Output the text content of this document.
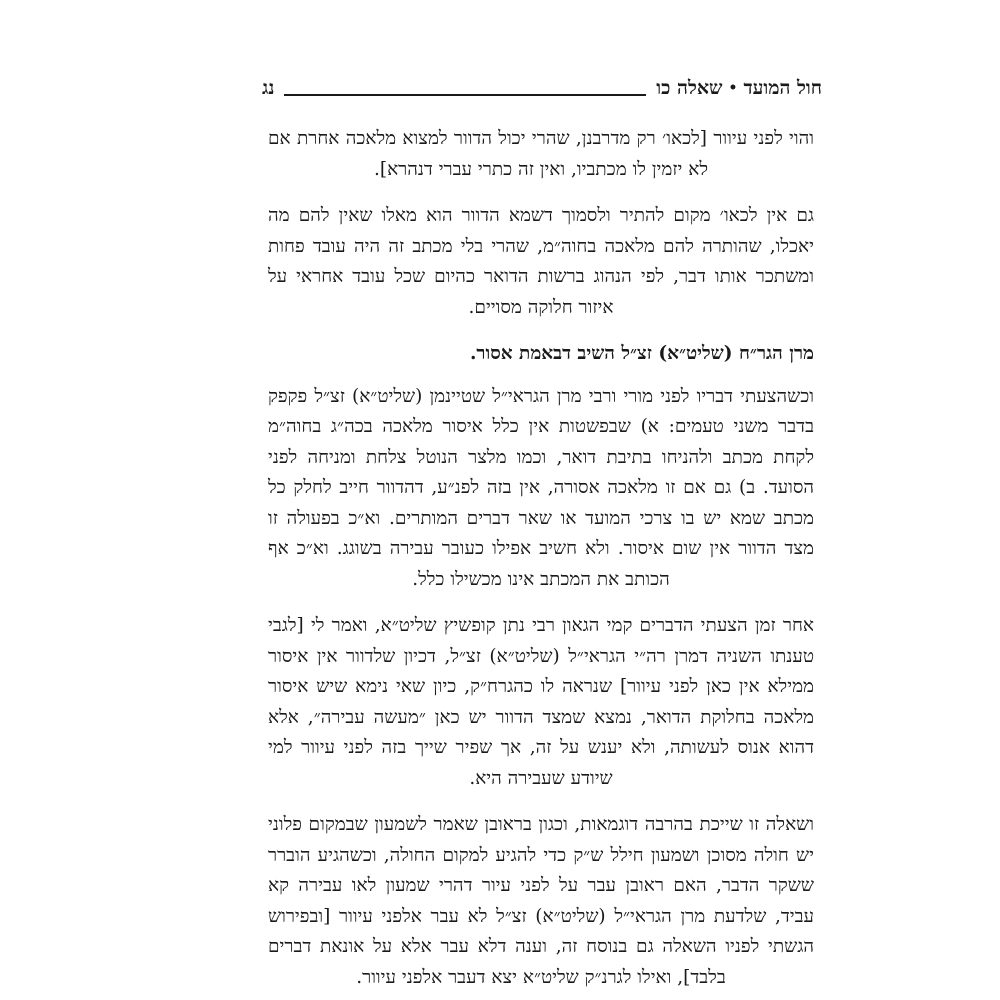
חול המועד
•
שאלה כו
נג

והוי לפני עיוור [לכאו׳ רק מדרבנן, שהרי יכול הדוור למצוא מלאכה אחרת אם לא יזמין לו מכתביו, ואין זה כתרי עברי דנהרא].

גם אין לכאו׳ מקום להתיר ולסמוך דשמא הדוור הוא מאלו שאין להם מה יאכלו, שהותרה להם מלאכה בחוה״מ, שהרי בלי מכתב זה היה עובד פחות ומשתכר אותו דבר, לפי הנהוג ברשות הדואר כהיום שכל עובד אחראי על איזור חלוקה מסויים.

מרן הגר״ח (שליט״א) זצ״ל השיב דבאמת אסור.

וכשהצעתי דבריו לפני מורי ורבי מרן הגראי״ל שטיינמן (שליט״א) זצ״ל פקפק בדבר משני טעמים: א) שבפשטות אין כלל איסור מלאכה בכה״ג בחוה״מ לקחת מכתב ולהניחו בתיבת דואר, וכמו מלצר הנוטל צלחת ומניחה לפני הסועד. ב) גם אם זו מלאכה אסורה, אין בזה לפנ״ע, דהדוור חייב לחלק כל מכתב שמא יש בו צרכי המועד או שאר דברים המותרים. וא״כ בפעולה זו מצד הדוור אין שום איסור. ולא חשיב אפילו כעובר עבירה בשוגג. וא״כ אף הכותב את המכתב אינו מכשילו כלל.

אחר זמן הצעתי הדברים קמי הגאון רבי נתן קופשיץ שליט״א, ואמר לי [לגבי טענתו השניה דמרן רה״י הגראי״ל (שליט״א) זצ״ל, דכיון שלדוור אין איסור ממילא אין כאן לפני עיוור] שנראה לו כהגרח״ק, כיון שאי נימא שיש איסור מלאכה בחלוקת הדואר, נמצא שמצד הדוור יש כאן ״מעשה עבירה״, אלא דהוא אנוס לעשותה, ולא יענש על זה, אך שפיר שייך בזה לפני עיוור למי שיודע שעבירה היא.

ושאלה זו שייכת בהרבה דוגמאות, וכגון בראובן שאמר לשמעון שבמקום פלוני יש חולה מסוכן ושמעון חילל ש״ק כדי להגיע למקום החולה, וכשהגיע הוברר ששקר הדבר, האם ראובן עבר על לפני עיור דהרי שמעון לאו עבירה קא עביד, שלדעת מרן הגראי״ל (שליט״א) זצ״ל לא עבר אלפני עיוור [ובפירוש הגשתי לפניו השאלה גם בנוסח זה, וענה דלא עבר אלא על אונאת דברים בלבד], ואילו לגרנ״ק שליט״א יצא דעבר אלפני עיוור.
